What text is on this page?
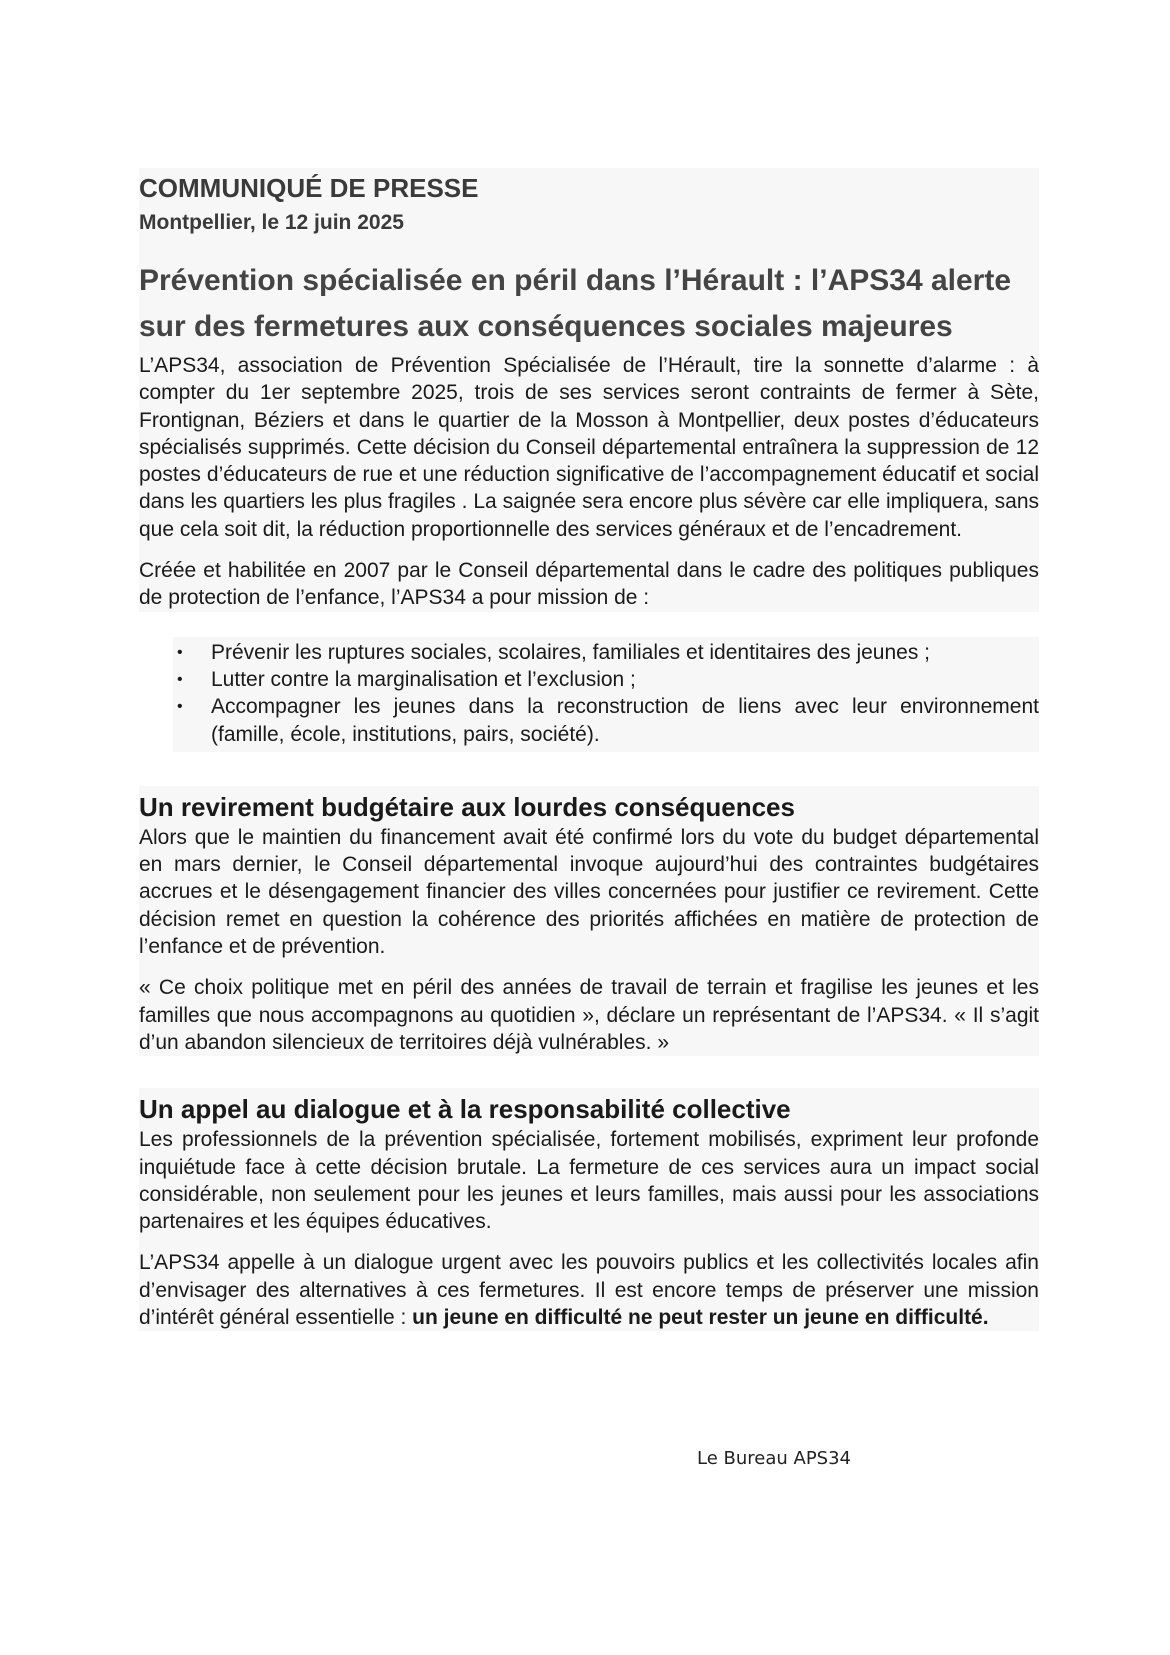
COMMUNIQUÉ DE PRESSE
Montpellier, le 12 juin 2025
Prévention spécialisée en péril dans l’Hérault : l’APS34 alerte
sur des fermetures aux conséquences sociales majeures

L’APS34, association de Prévention Spécialisée de l’Hérault, tire la sonnette d’alarme : à compter du 1er septembre 2025, trois de ses services seront contraints de fermer à Sète, Frontignan, Béziers et dans le quartier de la Mosson à Montpellier, deux postes d’éducateurs spécialisés supprimés. Cette décision du Conseil départemental entraînera la suppression de 12 postes d’éducateurs de rue et une réduction significative de l’accompagnement éducatif et social dans les quartiers les plus fragiles . La saignée sera encore plus sévère car elle impliquera, sans que cela soit dit, la réduction proportionnelle des services généraux et de l’encadrement.

Créée et habilitée en 2007 par le Conseil départemental dans le cadre des politiques publiques de protection de l’enfance, l’APS34 a pour mission de :

• Prévenir les ruptures sociales, scolaires, familiales et identitaires des jeunes ;
• Lutter contre la marginalisation et l’exclusion ;
• Accompagner les jeunes dans la reconstruction de liens avec leur environnement (famille, école, institutions, pairs, société).
Un revirement budgétaire aux lourdes conséquences

Alors que le maintien du financement avait été confirmé lors du vote du budget départemental en mars dernier, le Conseil départemental invoque aujourd’hui des contraintes budgétaires accrues et le désengagement financier des villes concernées pour justifier ce revirement. Cette décision remet en question la cohérence des priorités affichées en matière de protection de l’enfance et de prévention.

« Ce choix politique met en péril des années de travail de terrain et fragilise les jeunes et les familles que nous accompagnons au quotidien », déclare un représentant de l’APS34. « Il s’agit d’un abandon silencieux de territoires déjà vulnérables. »

Un appel au dialogue et à la responsabilité collective

Les professionnels de la prévention spécialisée, fortement mobilisés, expriment leur profonde inquiétude face à cette décision brutale. La fermeture de ces services aura un impact social considérable, non seulement pour les jeunes et leurs familles, mais aussi pour les associations partenaires et les équipes éducatives.

L’APS34 appelle à un dialogue urgent avec les pouvoirs publics et les collectivités locales afin d’envisager des alternatives à ces fermetures. Il est encore temps de préserver une mission d’intérêt général essentielle : un jeune en difficulté ne peut rester un jeune en difficulté.

Le Bureau APS34
